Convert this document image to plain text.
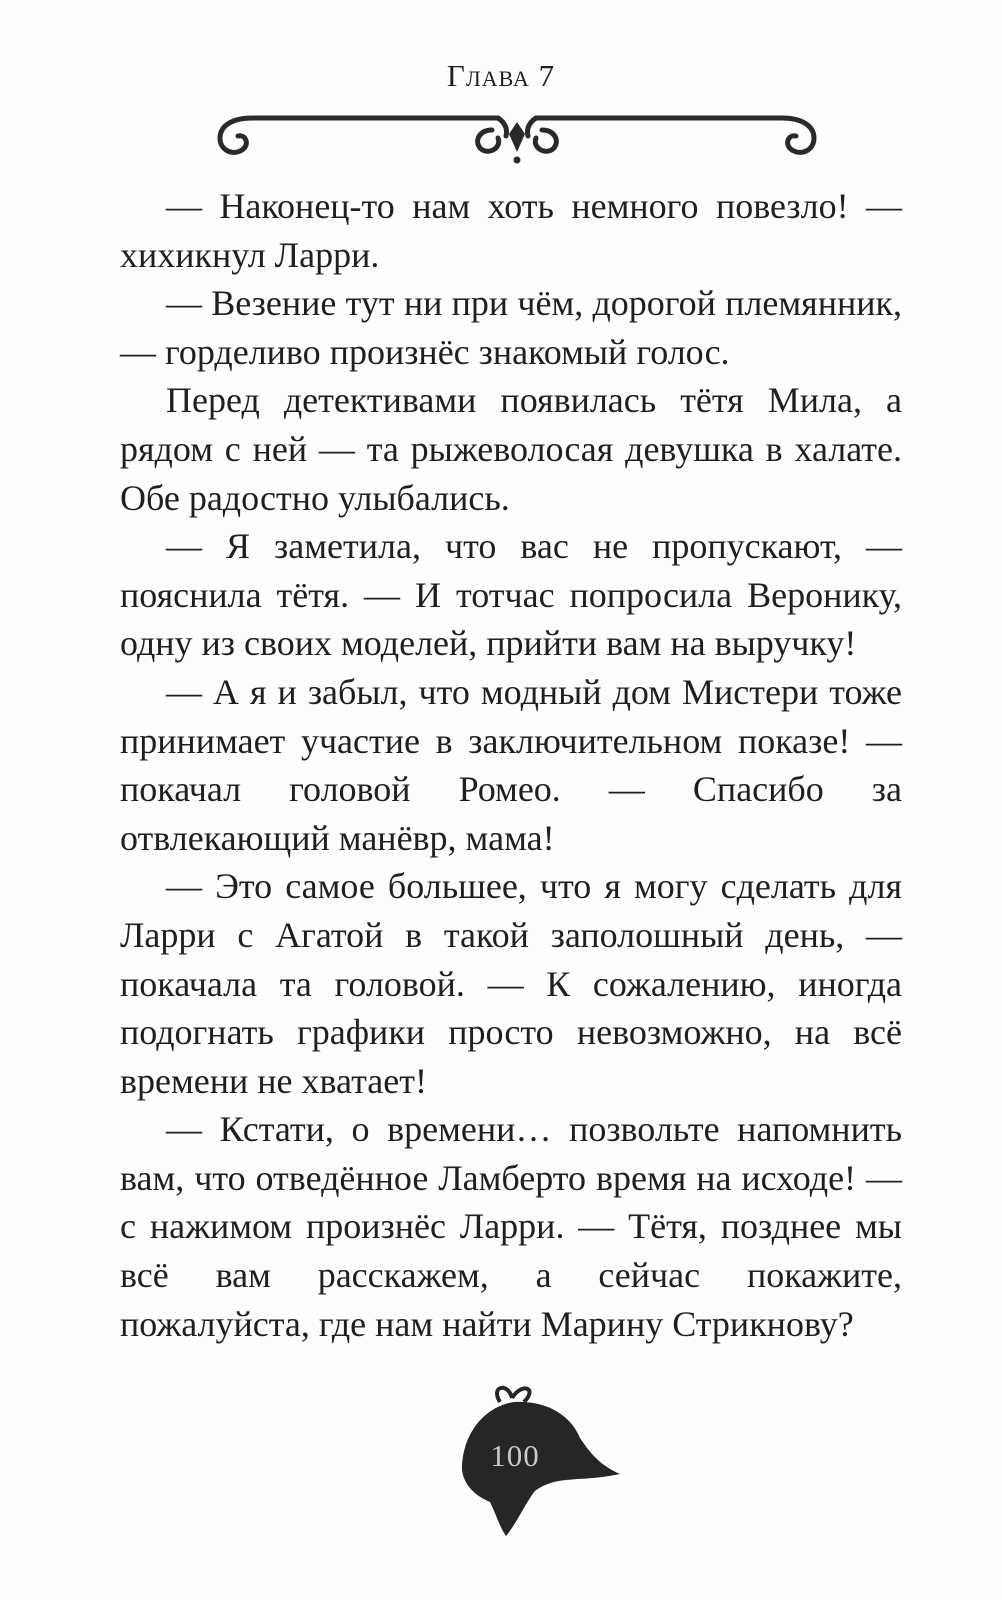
Глава 7

— Наконец-то нам хоть немного повезло! — хихикнул Ларри.

— Везение тут ни при чём, дорогой племянник, — горделиво произнёс знакомый голос.

Перед детективами появилась тётя Мила, а рядом с ней — та рыжеволосая девушка в халате. Обе радостно улыбались.

— Я заметила, что вас не пропускают, — пояснила тётя. — И тотчас попросила Веронику, одну из своих моделей, прийти вам на выручку!

— А я и забыл, что модный дом Мистери тоже принимает участие в заключительном показе! — покачал головой Ромео. — Спасибо за отвлекающий манёвр, мама!

— Это самое большее, что я могу сделать для Ларри с Агатой в такой заполошный день, — покачала та головой. — К сожалению, иногда подогнать графики просто невозможно, на всё времени не хватает!

— Кстати, о времени… позвольте напомнить вам, что отведённое Ламберто время на исходе! — с нажимом произнёс Ларри. — Тётя, позднее мы всё вам расскажем, а сейчас покажите, пожалуйста, где нам найти Марину Стрикнову?

100
